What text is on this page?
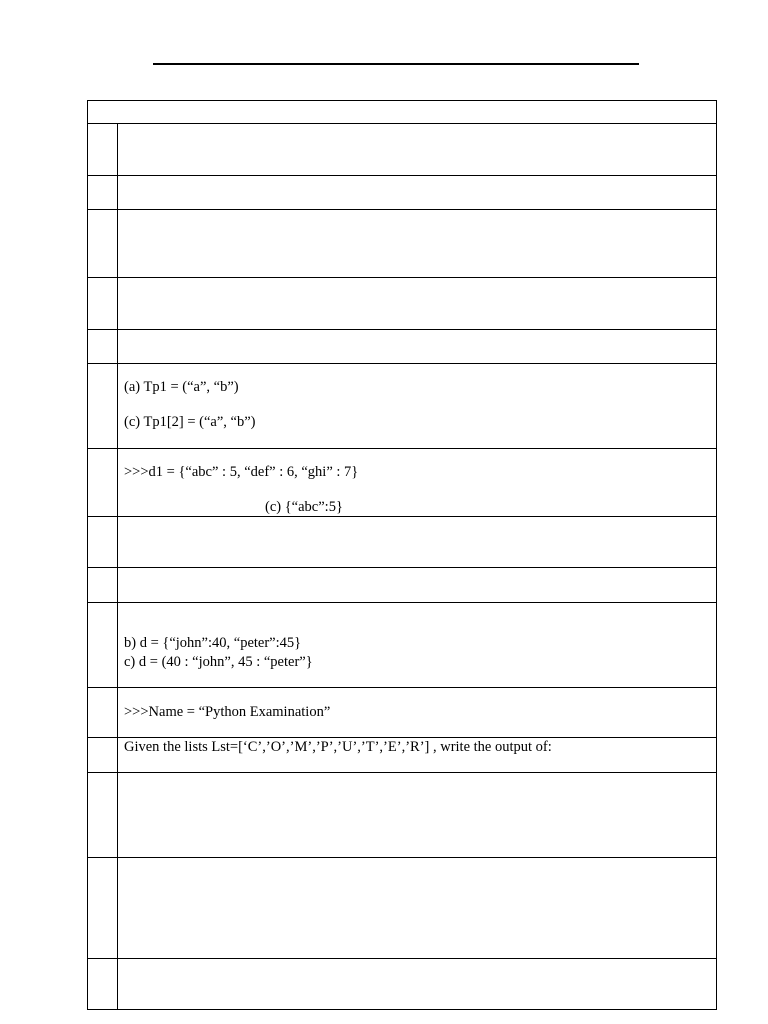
(a) Tp1 = (“a”, “b”)
(c) Tp1[2] = (“a”, “b”)
>>>d1 = {“abc” : 5, “def” : 6, “ghi” : 7}
(c) {“abc”:5}
b) d = {“john”:40, “peter”:45}
c) d = (40 : “john”, 45 : “peter”}
>>>Name = “Python Examination”
Given the lists Lst=[‘C’,’O’,’M’,’P’,’U’,’T’,’E’,’R’] , write the output of:
